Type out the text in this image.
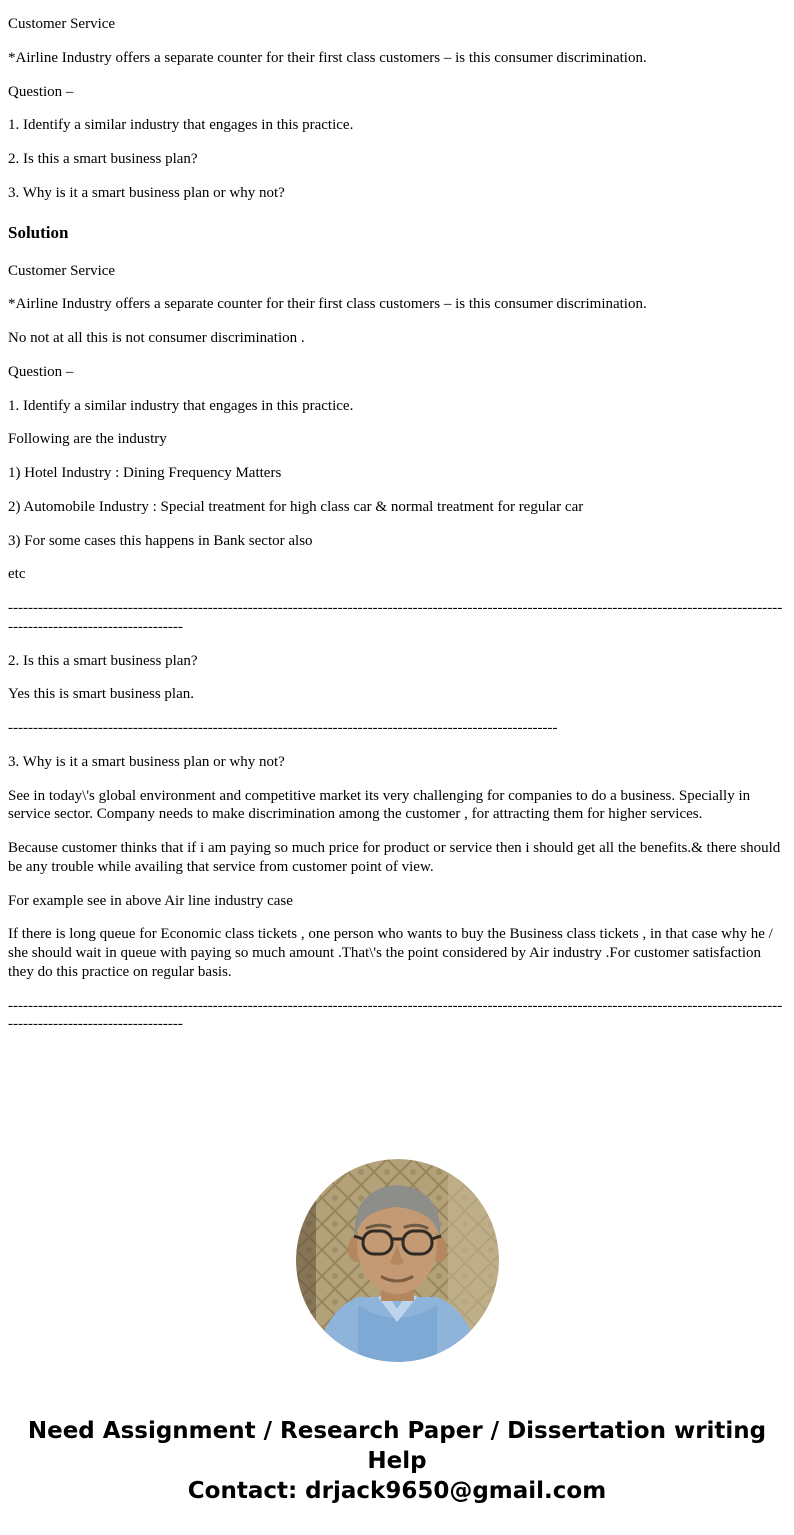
Customer Service

*Airline Industry offers a separate counter for their first class customers – is this consumer discrimination.

Question –

1. Identify a similar industry that engages in this practice.

2. Is this a smart business plan?

3. Why is it a smart business plan or why not?

Solution

Customer Service

*Airline Industry offers a separate counter for their first class customers – is this consumer discrimination.

No not at all this is not consumer discrimination .

Question –

1. Identify a similar industry that engages in this practice.

Following are the industry

1) Hotel Industry : Dining Frequency Matters

2) Automobile Industry : Special treatment for high class car & normal treatment for regular car

3) For some cases this happens in Bank sector also

etc

----------------------------------------------------------------------------------------------------------------------------------------------------------------------------------------------

2. Is this a smart business plan?

Yes this is smart business plan.

--------------------------------------------------------------------------------------------------------------

3. Why is it a smart business plan or why not?

See in today\'s global environment and competitive market its very challenging for companies to do a business. Specially in service sector. Company needs to make discrimination among the customer , for attracting them for higher services.

Because customer thinks that if i am paying so much price for product or service then i should get all the benefits.& there should be any trouble while availing that service from customer point of view.

For example see in above Air line industry case

If there is long queue for Economic class tickets , one person who wants to buy the Business class tickets , in that case why he / she should wait in queue with paying so much amount .That\'s the point considered by Air industry .For customer satisfaction they do this practice on regular basis.

----------------------------------------------------------------------------------------------------------------------------------------------------------------------------------------------

Need Assignment / Research Paper / Dissertation writing Help
Contact: drjack9650@gmail.com
